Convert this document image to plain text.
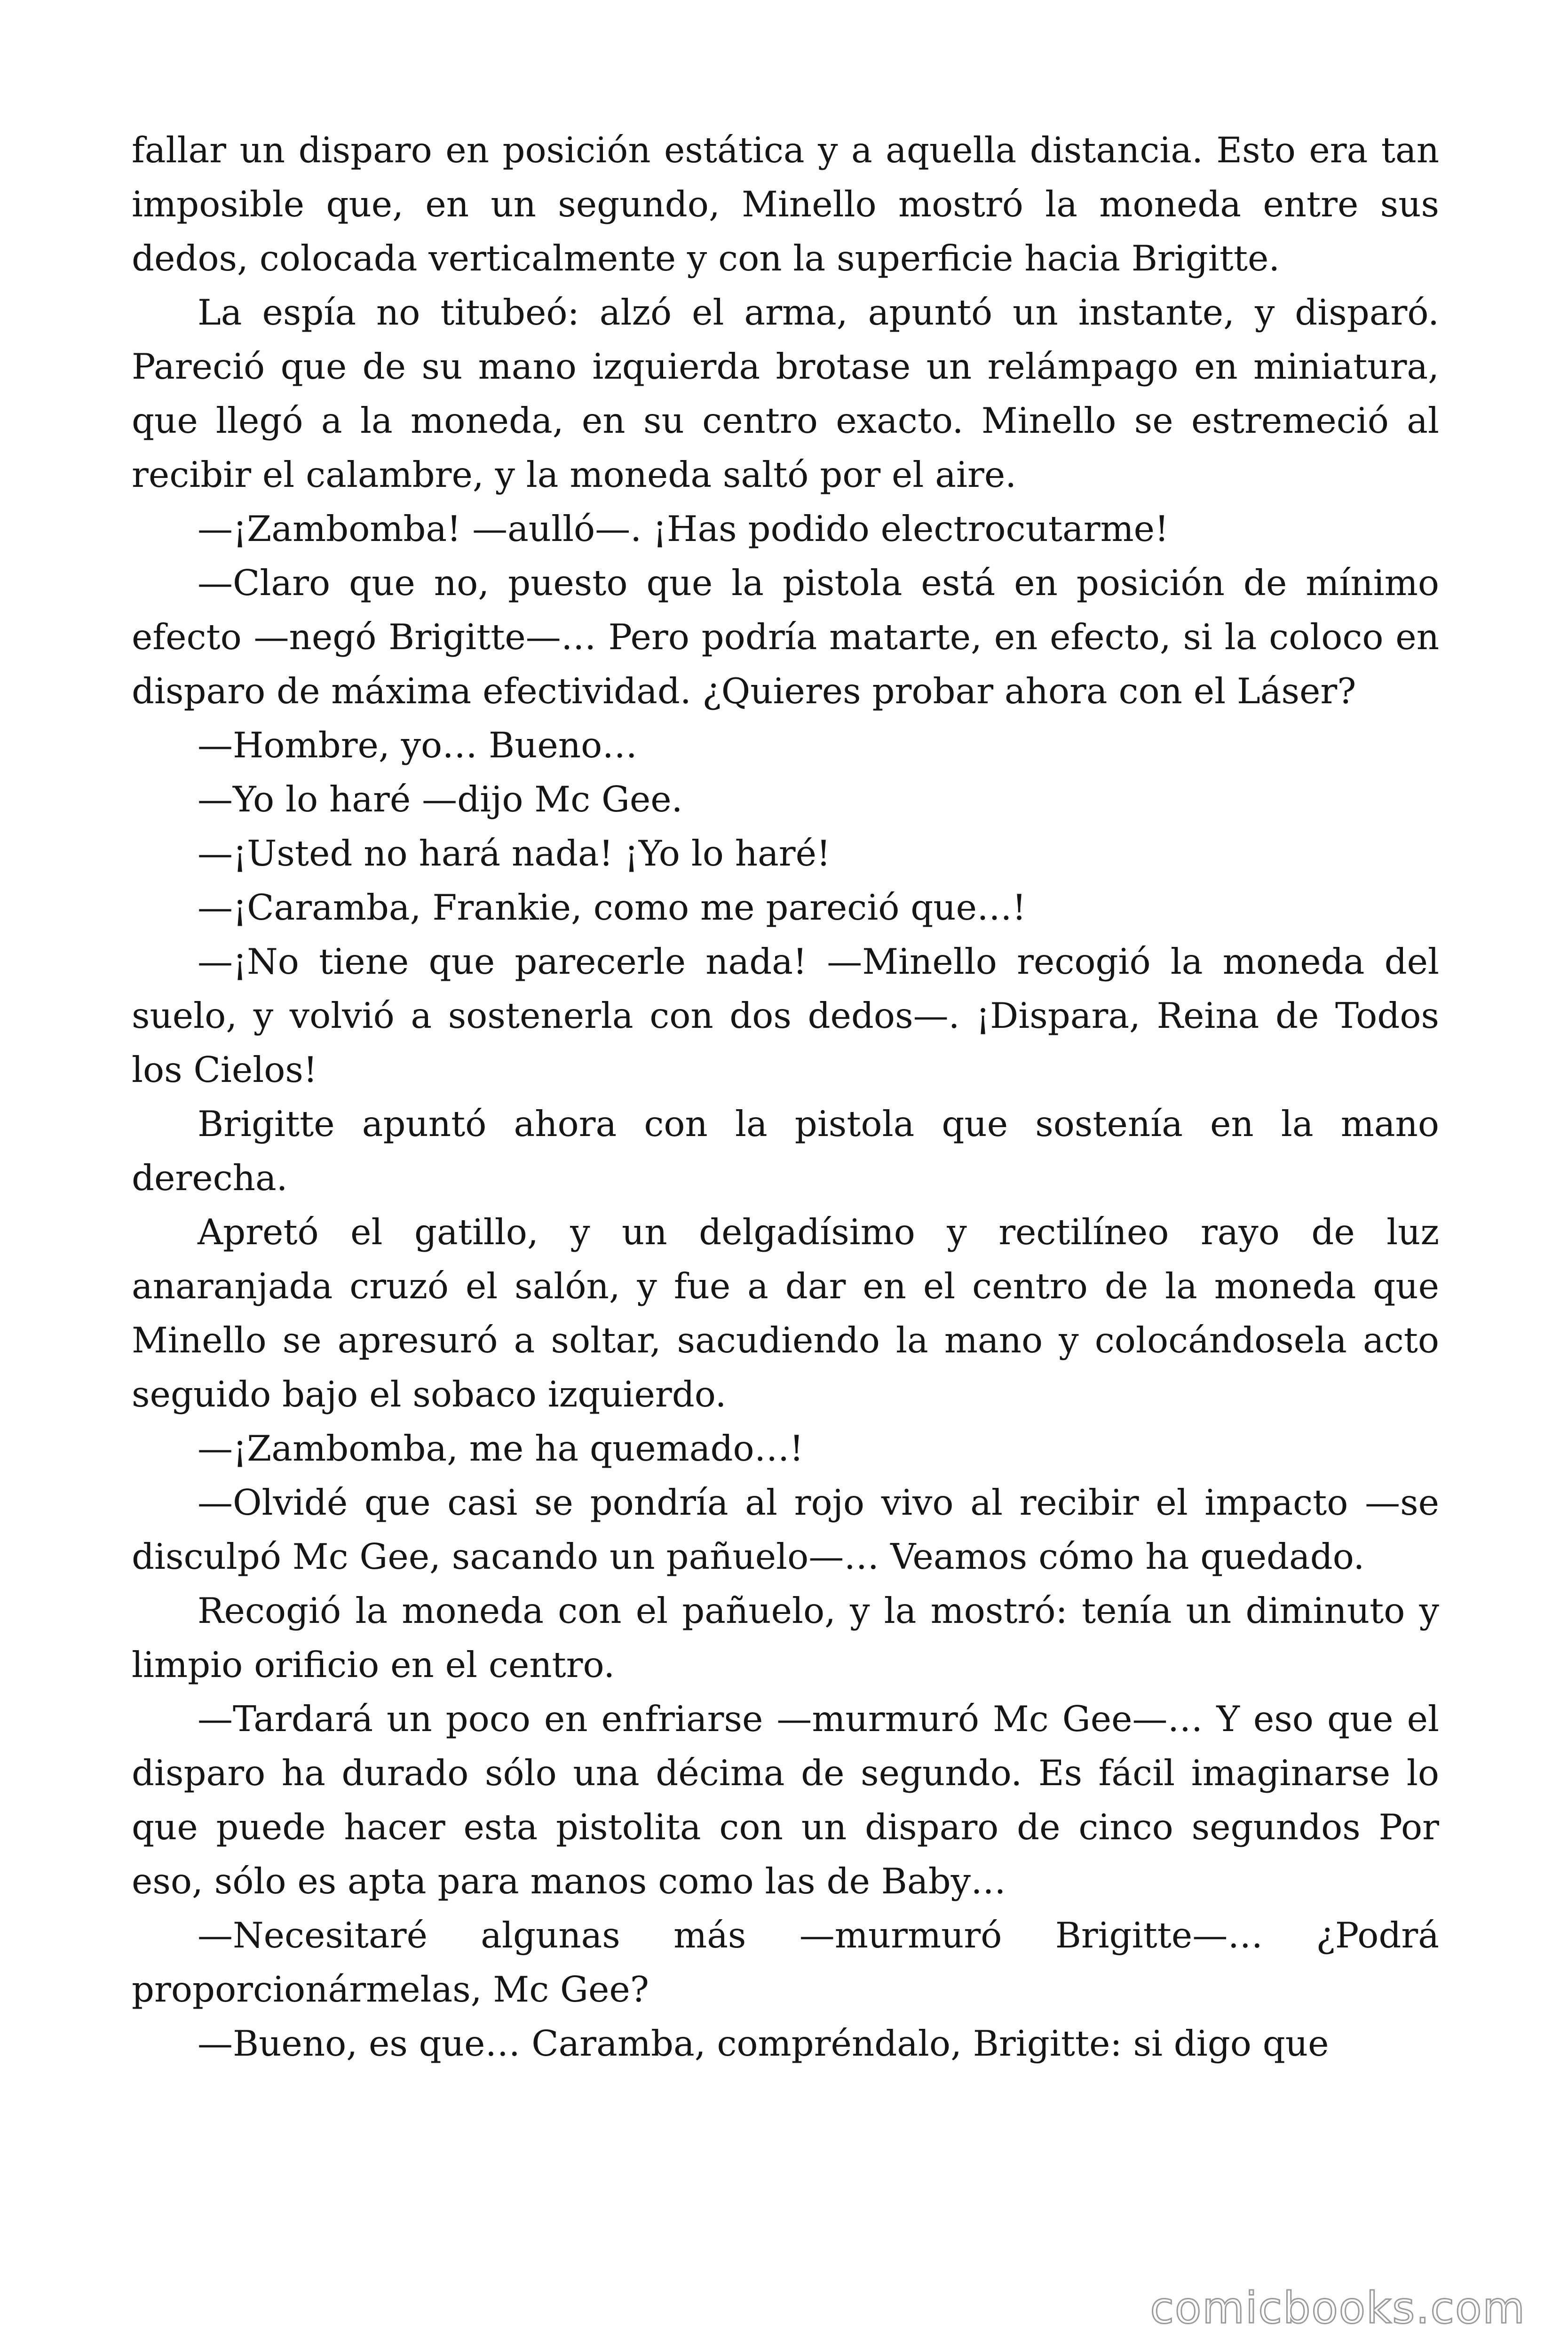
fallar un disparo en posición estática y a aquella distancia. Esto era tan imposible que, en un segundo, Minello mostró la moneda entre sus dedos, colocada verticalmente y con la superficie hacia Brigitte.

La espía no titubeó: alzó el arma, apuntó un instante, y disparó. Pareció que de su mano izquierda brotase un relámpago en miniatura, que llegó a la moneda, en su centro exacto. Minello se estremeció al recibir el calambre, y la moneda saltó por el aire.

—¡Zambomba! —aulló—. ¡Has podido electrocutarme!

—Claro que no, puesto que la pistola está en posición de mínimo efecto —negó Brigitte—… Pero podría matarte, en efecto, si la coloco en disparo de máxima efectividad. ¿Quieres probar ahora con el Láser?

—Hombre, yo… Bueno…

—Yo lo haré —dijo Mc Gee.

—¡Usted no hará nada! ¡Yo lo haré!

—¡Caramba, Frankie, como me pareció que…!

—¡No tiene que parecerle nada! —Minello recogió la moneda del suelo, y volvió a sostenerla con dos dedos—. ¡Dispara, Reina de Todos los Cielos!

Brigitte apuntó ahora con la pistola que sostenía en la mano derecha.

Apretó el gatillo, y un delgadísimo y rectilíneo rayo de luz anaranjada cruzó el salón, y fue a dar en el centro de la moneda que Minello se apresuró a soltar, sacudiendo la mano y colocándosela acto seguido bajo el sobaco izquierdo.

—¡Zambomba, me ha quemado…!

—Olvidé que casi se pondría al rojo vivo al recibir el impacto —se disculpó Mc Gee, sacando un pañuelo—… Veamos cómo ha quedado.

Recogió la moneda con el pañuelo, y la mostró: tenía un diminuto y limpio orificio en el centro.

—Tardará un poco en enfriarse —murmuró Mc Gee—… Y eso que el disparo ha durado sólo una décima de segundo. Es fácil imaginarse lo que puede hacer esta pistolita con un disparo de cinco segundos Por eso, sólo es apta para manos como las de Baby…

—Necesitaré algunas más —murmuró Brigitte—… ¿Podrá proporcionármelas, Mc Gee?

—Bueno, es que… Caramba, compréndalo, Brigitte: si digo que

comicbooks.com
